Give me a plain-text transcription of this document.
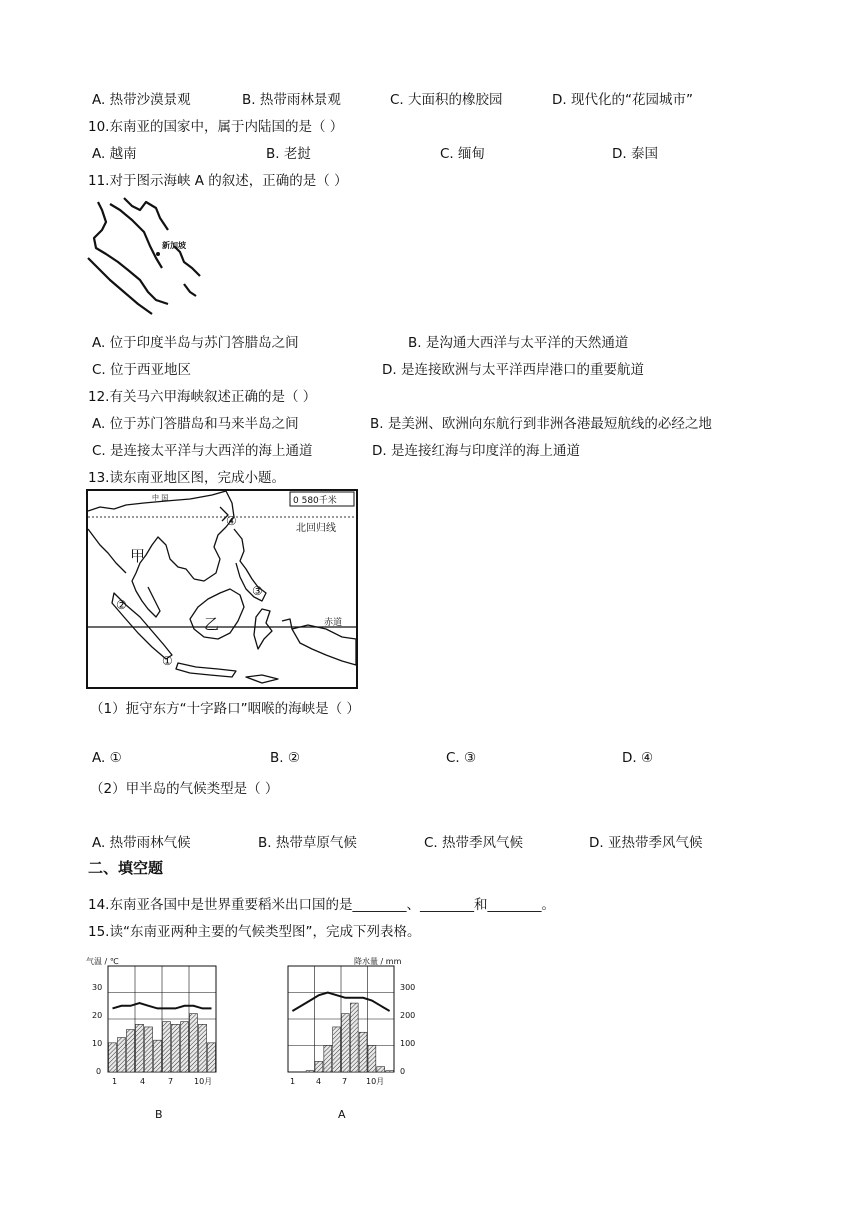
A. 热带沙漠景观	B. 热带雨林景观	C. 大面积的橡胶园	D. 现代化的“花园城市”
10.东南亚的国家中，属于内陆国的是（ ）
A. 越南	B. 老挝	C. 缅甸	D. 泰国
11.对于图示海峡 A 的叙述，正确的是（ ）
新加坡
A. 位于印度半岛与苏门答腊岛之间	B. 是沟通大西洋与太平洋的天然通道
C. 位于西亚地区	D. 是连接欧洲与太平洋西岸港口的重要航道
12.有关马六甲海峡叙述正确的是（ ）
A. 位于苏门答腊岛和马来半岛之间	B. 是美洲、欧洲向东航行到非洲各港最短航线的必经之地
C. 是连接太平洋与大西洋的海上通道	D. 是连接红海与印度洋的海上通道
13.读东南亚地区图，完成小题。
0 580千米
中 国
北回归线
赤道
甲
乙
④
②
③
①
（1）扼守东方“十字路口”咽喉的海峡是（ ）
A. ①	B. ②	C. ③	D. ④
（2）甲半岛的气候类型是（ ）
A. 热带雨林气候	B. 热带草原气候	C. 热带季风气候	D. 亚热带季风气候
二、填空题
14.东南亚各国中是世界重要稻米出口国的是________、________和________。
15.读“东南亚两种主要的气候类型图”，完成下列表格。
气温 / ℃
30
20
10
0
1	4	7	10月
B
降水量 / mm
300
200
100
0
1	4	7 10月
A
